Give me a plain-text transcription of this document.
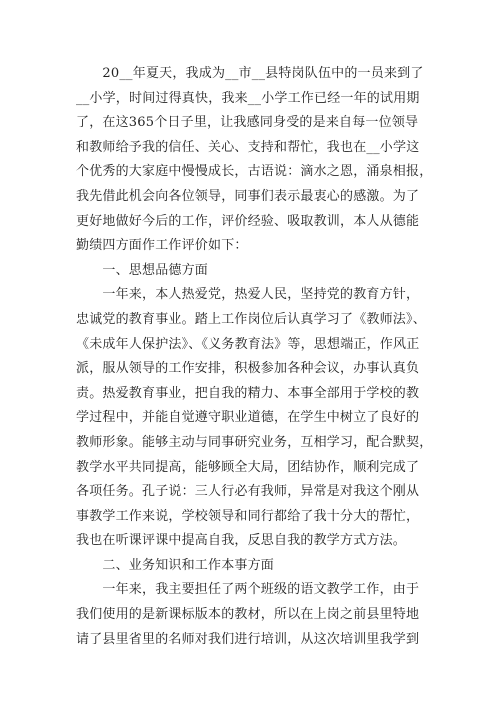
　　20__年夏天，我成为__市__县特岗队伍中的一员来到了
__小学，时间过得真快，我来__小学工作已经一年的试用期
了，在这365个日子里，让我感同身受的是来自每一位领导
和教师给予我的信任、关心、支持和帮忙，我也在__小学这
个优秀的大家庭中慢慢成长，古语说：滴水之恩，涌泉相报，
我先借此机会向各位领导，同事们表示最衷心的感激。为了
更好地做好今后的工作，评价经验、吸取教训，本人从德能
勤绩四方面作工作评价如下：
　　一、思想品德方面
　　一年来，本人热爱党，热爱人民，坚持党的教育方针，
忠诚党的教育事业。踏上工作岗位后认真学习了《教师法》、
《未成年人保护法》、《义务教育法》等，思想端正，作风正
派，服从领导的工作安排，积极参加各种会议，办事认真负
责。热爱教育事业，把自我的精力、本事全部用于学校的教
学过程中，并能自觉遵守职业道德，在学生中树立了良好的
教师形象。能够主动与同事研究业务，互相学习，配合默契，
教学水平共同提高，能够顾全大局，团结协作，顺利完成了
各项任务。孔子说：三人行必有我师，异常是对我这个刚从
事教学工作来说，学校领导和同行都给了我十分大的帮忙，
我也在听课评课中提高自我，反思自我的教学方式方法。
　　二、业务知识和工作本事方面
　　一年来，我主要担任了两个班级的语文教学工作，由于
我们使用的是新课标版本的教材，所以在上岗之前县里特地
请了县里省里的名师对我们进行培训，从这次培训里我学到
